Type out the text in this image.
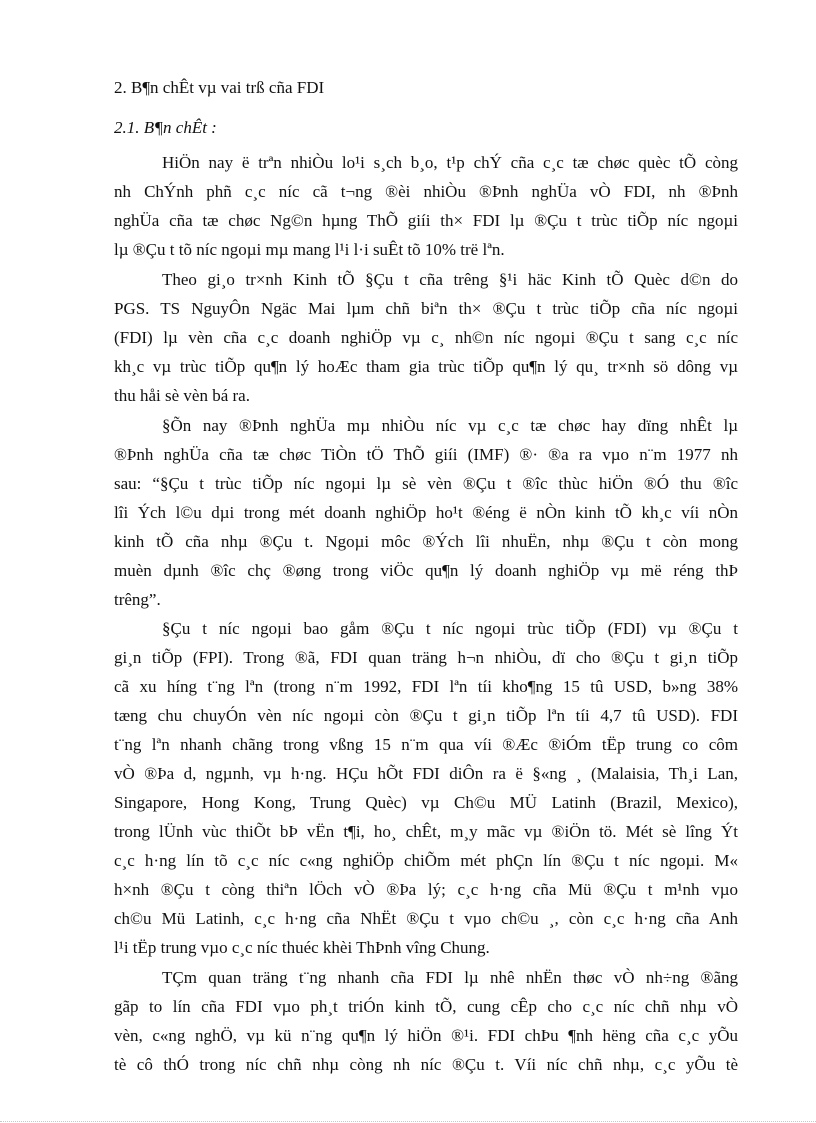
2. B¶n chÊt vµ vai trß cña FDI
2.1. B¶n chÊt :
HiÖn nay ë trªn nhiÒu lo¹i s¸ch b¸o, t¹p chÝ cña c¸c tæ chøc quèc tÕ còng
nh ChÝnh phñ c¸c níc cã t¬ng ®èi nhiÒu ®Þnh nghÜa vÒ FDI, nh ®Þnh
nghÜa cña tæ chøc Ng©n hµng ThÕ giíi th× FDI lµ ®Çu t trùc tiÕp níc ngoµi
lµ ®Çu t tõ níc ngoµi mµ mang l¹i l·i suÊt tõ 10% trë lªn.
Theo gi¸o tr×nh Kinh tÕ §Çu t cña trêng §¹i häc Kinh tÕ Quèc d©n do
PGS. TS NguyÔn Ngäc Mai lµm chñ biªn th× ®Çu t trùc tiÕp cña níc ngoµi
(FDI) lµ vèn cña c¸c doanh nghiÖp vµ c¸ nh©n níc ngoµi ®Çu t sang c¸c níc
kh¸c vµ trùc tiÕp qu¶n lý hoÆc tham gia trùc tiÕp qu¶n lý qu¸ tr×nh sö dông vµ
thu håi sè vèn bá ra.
§Õn nay ®Þnh nghÜa mµ nhiÒu níc vµ c¸c tæ chøc hay dïng nhÊt lµ
®Þnh nghÜa cña tæ chøc TiÒn tÖ ThÕ giíi (IMF) ®· ®a ra vµo n¨m 1977 nh
sau: “§Çu t trùc tiÕp níc ngoµi lµ sè vèn ®Çu t ®îc thùc hiÖn ®Ó thu ®îc
lîi Ých l©u dµi trong mét doanh nghiÖp ho¹t ®éng ë nÒn kinh tÕ kh¸c víi nÒn
kinh tÕ cña nhµ ®Çu t. Ngoµi môc ®Ých lîi nhuËn, nhµ ®Çu t còn mong
muèn dµnh ®îc chç ®øng trong viÖc qu¶n lý doanh nghiÖp vµ më réng thÞ
trêng”.
§Çu t níc ngoµi bao gåm ®Çu t níc ngoµi trùc tiÕp (FDI) vµ ®Çu t
gi¸n tiÕp (FPI). Trong ®ã, FDI quan träng h¬n nhiÒu, dï cho ®Çu t gi¸n tiÕp
cã xu híng t¨ng lªn (trong n¨m 1992, FDI lªn tíi kho¶ng 15 tû USD, b»ng 38%
tæng chu chuyÓn vèn níc ngoµi còn ®Çu t gi¸n tiÕp lªn tíi 4,7 tû USD). FDI
t¨ng lªn nhanh chãng trong vßng 15 n¨m qua víi ®Æc ®iÓm tËp trung co côm
vÒ ®Þa d, ngµnh, vµ h·ng. HÇu hÕt FDI diÔn ra ë §«ng ¸ (Malaisia, Th¸i Lan,
Singapore, Hong Kong, Trung Quèc) vµ Ch©u MÜ Latinh (Brazil, Mexico),
trong lÜnh vùc thiÕt bÞ vËn t¶i, ho¸ chÊt, m¸y mãc vµ ®iÖn tö. Mét sè lîng Ýt
c¸c h·ng lín tõ c¸c níc c«ng nghiÖp chiÕm mét phÇn lín ®Çu t níc ngoµi. M«
h×nh ®Çu t còng thiªn lÖch vÒ ®Þa lý; c¸c h·ng cña Mü ®Çu t m¹nh vµo
ch©u Mü Latinh, c¸c h·ng cña NhËt ®Çu t vµo ch©u ¸, còn c¸c h·ng cña Anh
l¹i tËp trung vµo c¸c níc thuéc khèi ThÞnh vîng Chung.
TÇm quan träng t¨ng nhanh cña FDI lµ nhê nhËn thøc vÒ nh÷ng ®ãng
gãp to lín cña FDI vµo ph¸t triÓn kinh tÕ, cung cÊp cho c¸c níc chñ nhµ vÒ
vèn, c«ng nghÖ, vµ kü n¨ng qu¶n lý hiÖn ®¹i. FDI chÞu ¶nh hëng cña c¸c yÕu
tè cô thÓ trong níc chñ nhµ còng nh níc ®Çu t. Víi níc chñ nhµ, c¸c yÕu tè
